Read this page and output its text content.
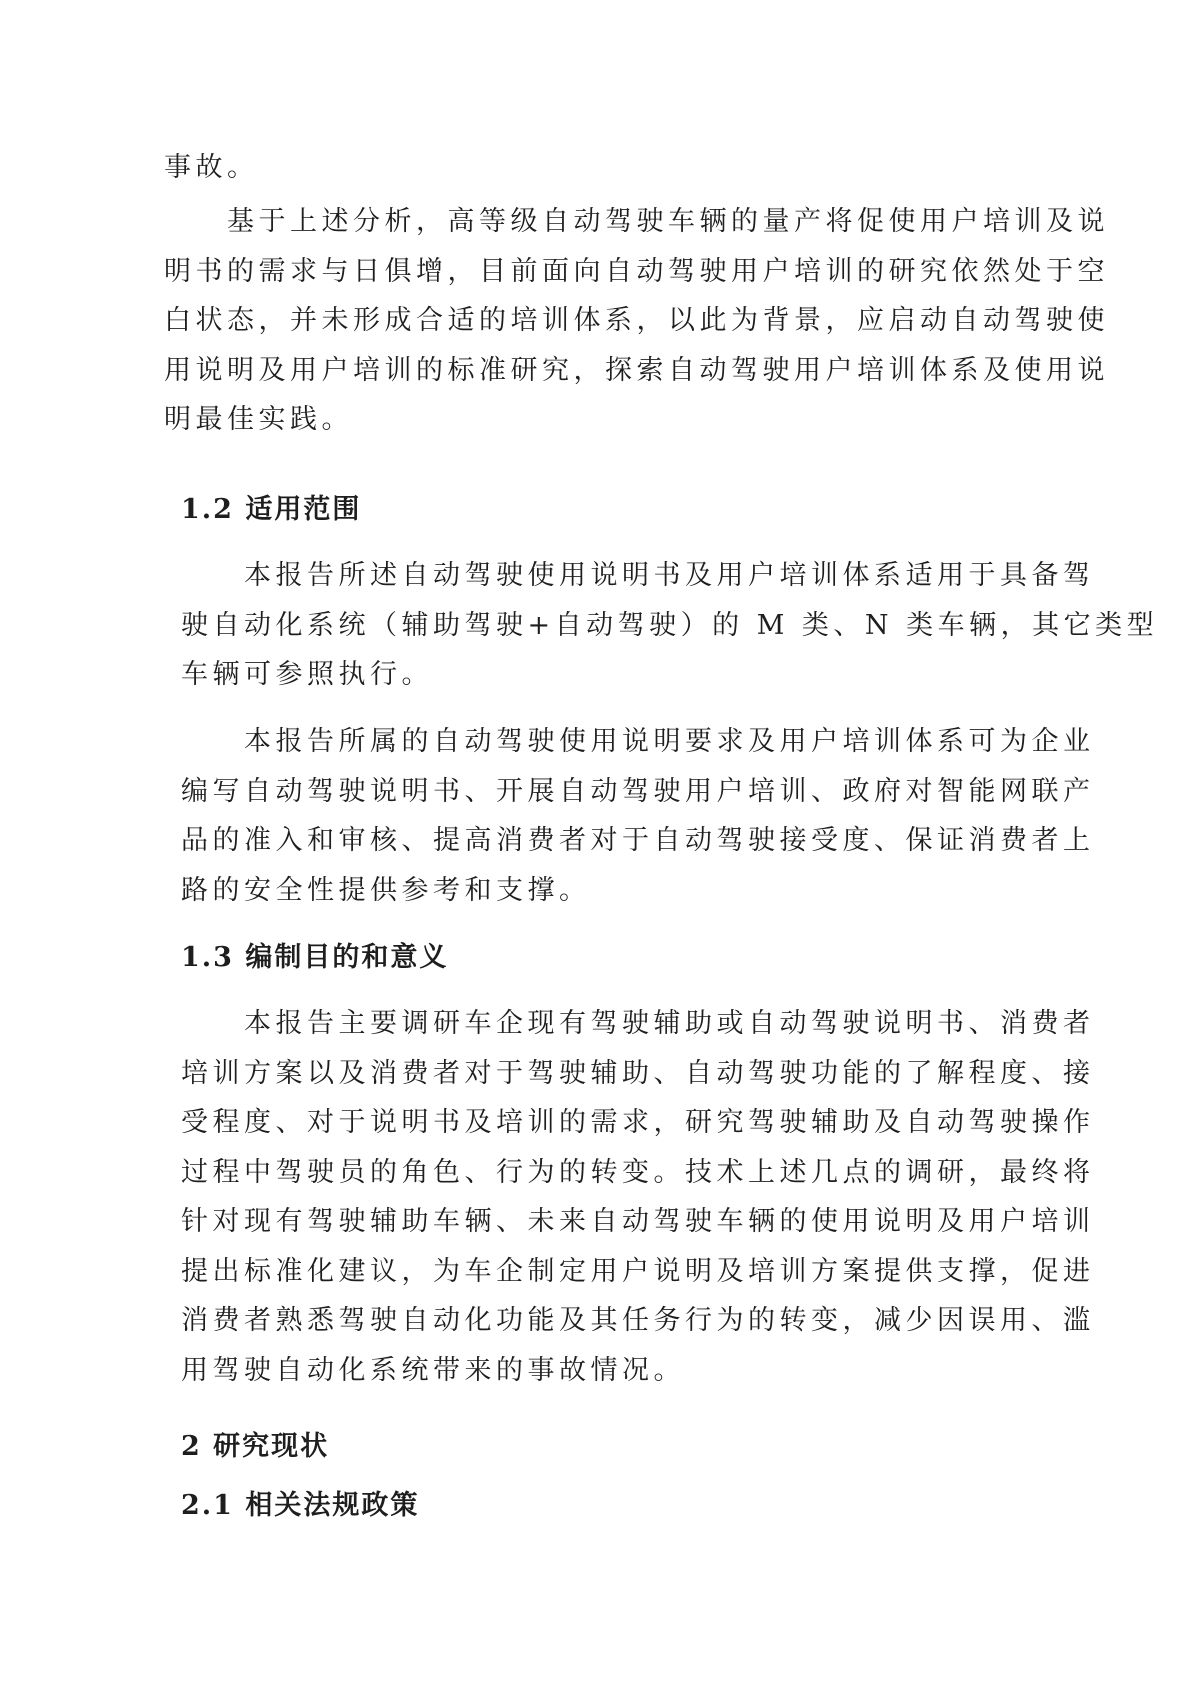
事故。

　　基于上述分析，高等级自动驾驶车辆的量产将促使用户培训及说
明书的需求与日俱增，目前面向自动驾驶用户培训的研究依然处于空
白状态，并未形成合适的培训体系，以此为背景，应启动自动驾驶使
用说明及用户培训的标准研究，探索自动驾驶用户培训体系及使用说
明最佳实践。

1.2 适用范围

　　本报告所述自动驾驶使用说明书及用户培训体系适用于具备驾
驶自动化系统（辅助驾驶+自动驾驶）的 M 类、N 类车辆，其它类型
车辆可参照执行。

　　本报告所属的自动驾驶使用说明要求及用户培训体系可为企业
编写自动驾驶说明书、开展自动驾驶用户培训、政府对智能网联产
品的准入和审核、提高消费者对于自动驾驶接受度、保证消费者上
路的安全性提供参考和支撑。

1.3 编制目的和意义

　　本报告主要调研车企现有驾驶辅助或自动驾驶说明书、消费者
培训方案以及消费者对于驾驶辅助、自动驾驶功能的了解程度、接
受程度、对于说明书及培训的需求，研究驾驶辅助及自动驾驶操作
过程中驾驶员的角色、行为的转变。技术上述几点的调研，最终将
针对现有驾驶辅助车辆、未来自动驾驶车辆的使用说明及用户培训
提出标准化建议，为车企制定用户说明及培训方案提供支撑，促进
消费者熟悉驾驶自动化功能及其任务行为的转变，减少因误用、滥
用驾驶自动化系统带来的事故情况。

2 研究现状
2.1 相关法规政策
